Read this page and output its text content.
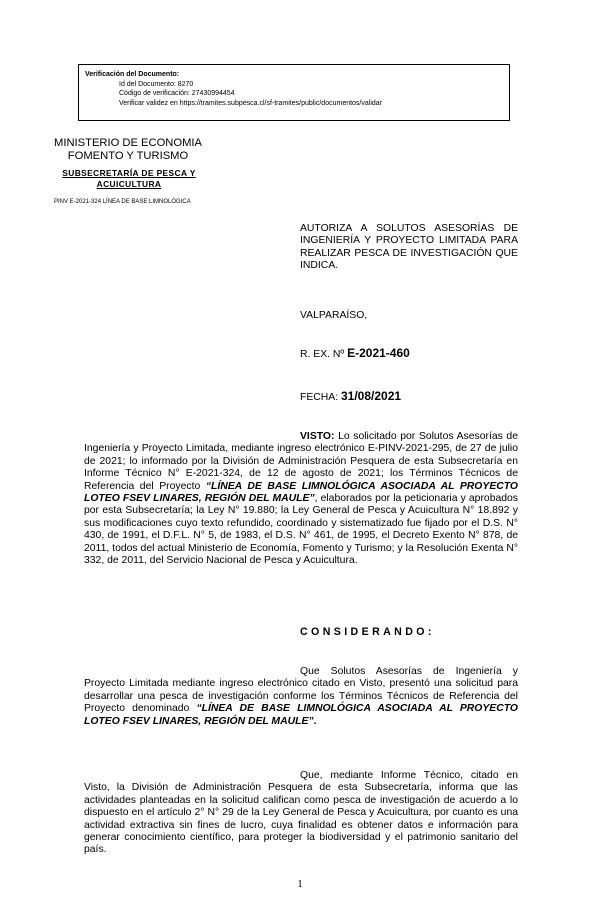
Verificación del Documento:
• Id del Documento: 8270
• Código de verificación: 27430994454
• Verificar validez en https://tramites.subpesca.cl/sf-tramites/public/documentos/validar
MINISTERIO DE ECONOMIA
FOMENTO Y TURISMO
SUBSECRETARÍA DE PESCA Y ACUICULTURA
PINV E-2021-324 LÍNEA DE BASE LIMNOLÓGICA
AUTORIZA A SOLUTOS ASESORÍAS DE INGENIERÍA Y PROYECTO LIMITADA PARA REALIZAR PESCA DE INVESTIGACIÓN QUE INDICA.
VALPARAÍSO,
R. EX. Nº E-2021-460
FECHA: 31/08/2021

VISTO: Lo solicitado por Solutos Asesorías de Ingeniería y Proyecto Limitada, mediante ingreso electrónico E-PINV-2021-295, de 27 de julio de 2021; lo informado por la División de Administración Pesquera de esta Subsecretaría en Informe Técnico N° E-2021-324, de 12 de agosto de 2021; los Términos Técnicos de Referencia del Proyecto “LÍNEA DE BASE LIMNOLÓGICA ASOCIADA AL PROYECTO LOTEO FSEV LINARES, REGIÓN DEL MAULE”, elaborados por la peticionaria y aprobados por esta Subsecretaría; la Ley N° 19.880; la Ley General de Pesca y Acuicultura N° 18.892 y sus modificaciones cuyo texto refundido, coordinado y sistematizado fue fijado por el D.S. N° 430, de 1991, el D.F.L. N° 5, de 1983, el D.S. N° 461, de 1995, el Decreto Exento N° 878, de 2011, todos del actual Ministerio de Economía, Fomento y Turismo; y la Resolución Exenta N° 332, de 2011, del Servicio Nacional de Pesca y Acuicultura.

CONSIDERANDO:

Que Solutos Asesorías de Ingeniería y Proyecto Limitada mediante ingreso electrónico citado en Visto, presentó una solicitud para desarrollar una pesca de investigación conforme los Términos Técnicos de Referencia del Proyecto denominado “LÍNEA DE BASE LIMNOLÓGICA ASOCIADA AL PROYECTO LOTEO FSEV LINARES, REGIÓN DEL MAULE”.

Que, mediante Informe Técnico, citado en Visto, la División de Administración Pesquera de esta Subsecretaría, informa que las actividades planteadas en la solicitud califican como pesca de investigación de acuerdo a lo dispuesto en el artículo 2° N° 29 de la Ley General de Pesca y Acuicultura, por cuanto es una actividad extractiva sin fines de lucro, cuya finalidad es obtener datos e información para generar conocimiento científico, para proteger la biodiversidad y el patrimonio sanitario del país.

1
